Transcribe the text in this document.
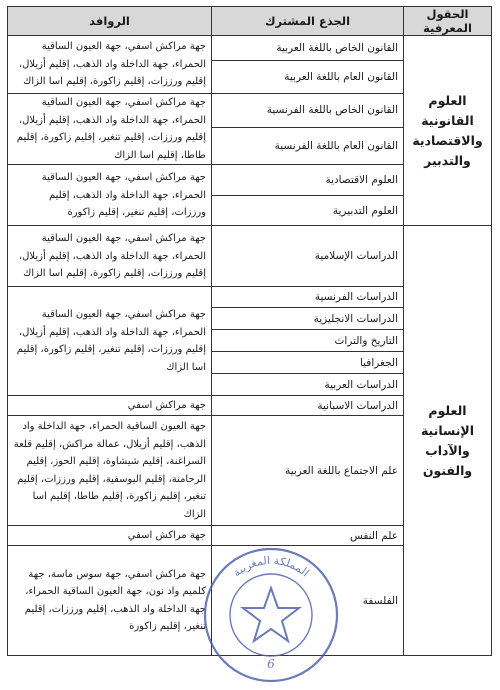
الحقول المعرفية	الجذع المشترك	الروافد
العلوم القانونية والاقتصادية والتدبير	القانون الخاص باللغة العربية	جهة مراكش اسفي، جهة العيون الساقية الحمراء، جهة الداخلة واد الذهب، إقليم أزيلال، إقليم ورززات، إقليم زاكورة، إقليم اسا الزاك
	القانون العام باللغة العربية	
	القانون الخاص باللغة الفرنسية	جهة مراكش اسفي، جهة العيون الساقية الحمراء، جهة الداخلة واد الذهب، إقليم أزيلال، إقليم ورززات، إقليم تنغير، إقليم زاكورة، إقليم طاطا، إقليم اسا الزاك
	القانون العام باللغة الفرنسية	
	العلوم الاقتصادية	جهة مراكش اسفي، جهة العيون الساقية الحمراء، جهة الداخلة واد الذهب، إقليم ورززات، إقليم تنغير، إقليم زاكورة
	العلوم التدبيرية	
العلوم الإنسانية والآداب والفنون	الدراسات الإسلامية	جهة مراكش اسفي، جهة العيون الساقية الحمراء، جهة الداخلة واد الذهب، إقليم أزيلال، إقليم ورززات، إقليم زاكورة، إقليم اسا الزاك
	الدراسات الفرنسية	جهة مراكش اسفي، جهة العيون الساقية الحمراء، جهة الداخلة واد الذهب، إقليم أزيلال، إقليم ورززات، إقليم تنغير، إقليم زاكورة، إقليم اسا الزاك
	الدراسات الانجليزية	
	التاريخ والتراث	
	الجغرافيا	
	الدراسات العربية	
	الدراسات الاسبانية	جهة مراكش اسفي
	علم الاجتماع باللغة العربية	جهة العيون الساقية الحمراء، جهة الداخلة واد الذهب، إقليم أزيلال، عمالة مراكش، إقليم قلعة السراغنة، إقليم شيشاوة، إقليم الحوز، إقليم الرحامنة، إقليم اليوسفية، إقليم ورززات، إقليم تنغير، إقليم زاكورة، إقليم طاطا، إقليم اسا الزاك
	علم النفس	جهة مراكش اسفي
	الفلسفة	جهة مراكش اسفي، جهة سوس ماسة، جهة كلميم واد نون، جهة العيون الساقية الحمراء، جهة الداخلة واد الذهب، إقليم ورززات، إقليم تنغير، إقليم زاكورة
المملكة المغربية
6
